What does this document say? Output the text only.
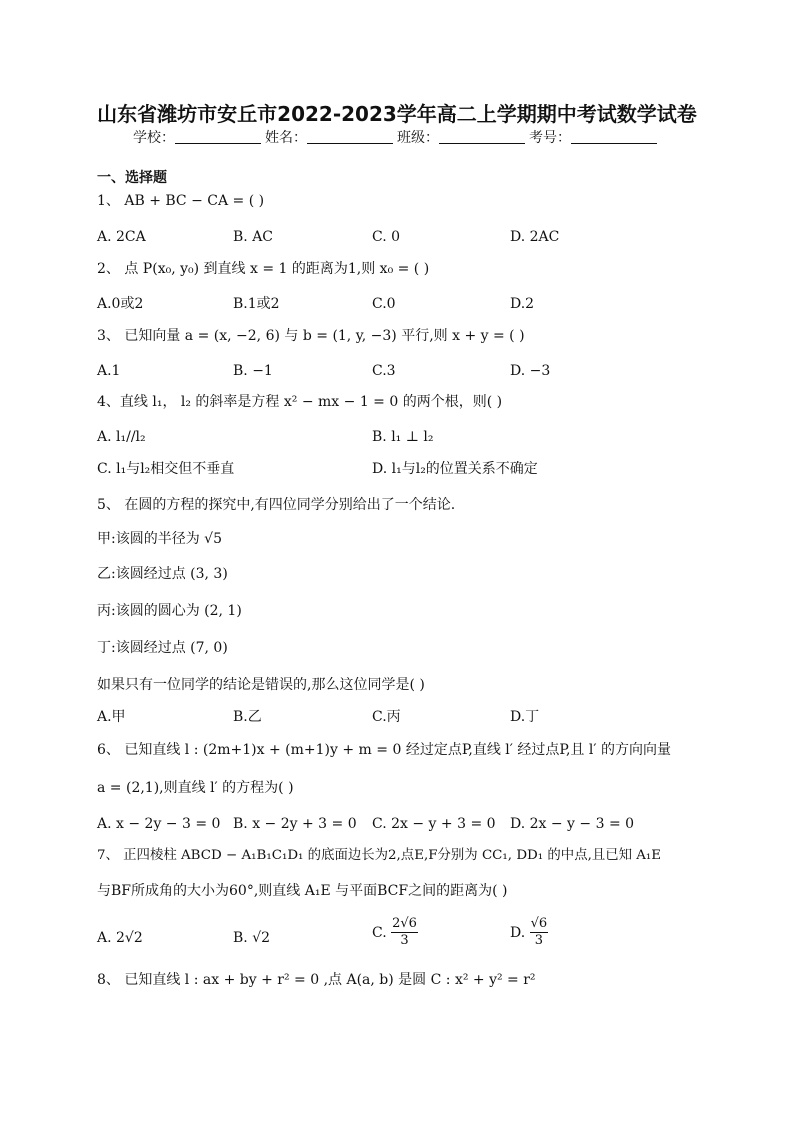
山东省潍坊市安丘市2022-2023学年高二上学期期中考试数学试卷
学校：	姓名：	班级：	考号：
一、选择题
1、 AB + BC − CA = ( )
A. 2CA	B. AC	C. 0	D. 2AC
2、 点 P(x₀, y₀) 到直线 x = 1 的距离为1,则 x₀ = ( )
A.0或2	B.1或2	C.0	D.2
3、 已知向量 a = (x, −2, 6) 与 b = (1, y, −3) 平行,则 x + y = ( )
A.1	B. −1	C.3	D. −3
4、直线 l₁， l₂ 的斜率是方程 x² − mx − 1 = 0 的两个根，则( )
A. l₁//l₂	B. l₁ ⊥ l₂
C. l₁与l₂相交但不垂直	D. l₁与l₂的位置关系不确定
5、 在圆的方程的探究中,有四位同学分别给出了一个结论.
甲:该圆的半径为 √5
乙:该圆经过点 (3, 3)
丙:该圆的圆心为 (2, 1)
丁:该圆经过点 (7, 0)
如果只有一位同学的结论是错误的,那么这位同学是( )
A.甲	B.乙	C.丙	D.丁
6、 已知直线 l : (2m+1)x + (m+1)y + m = 0 经过定点P,直线 l′ 经过点P,且 l′ 的方向向量
a = (2,1),则直线 l′ 的方程为( )
A. x − 2y − 3 = 0 B. x − 2y + 3 = 0 C. 2x − y + 3 = 0 D. 2x − y − 3 = 0
7、 正四棱柱 ABCD − A₁B₁C₁D₁ 的底面边长为2,点E,F分别为 CC₁, DD₁ 的中点,且已知 A₁E
与BF所成角的大小为60°,则直线 A₁E 与平面BCF之间的距离为( )
A. 2√2	B. √2	C. $\frac{2√6}{3}$	D. $\frac{√6}{3}$
8、 已知直线 l : ax + by + r² = 0 ,点 A(a, b) 是圆 C : x² + y² = r²
